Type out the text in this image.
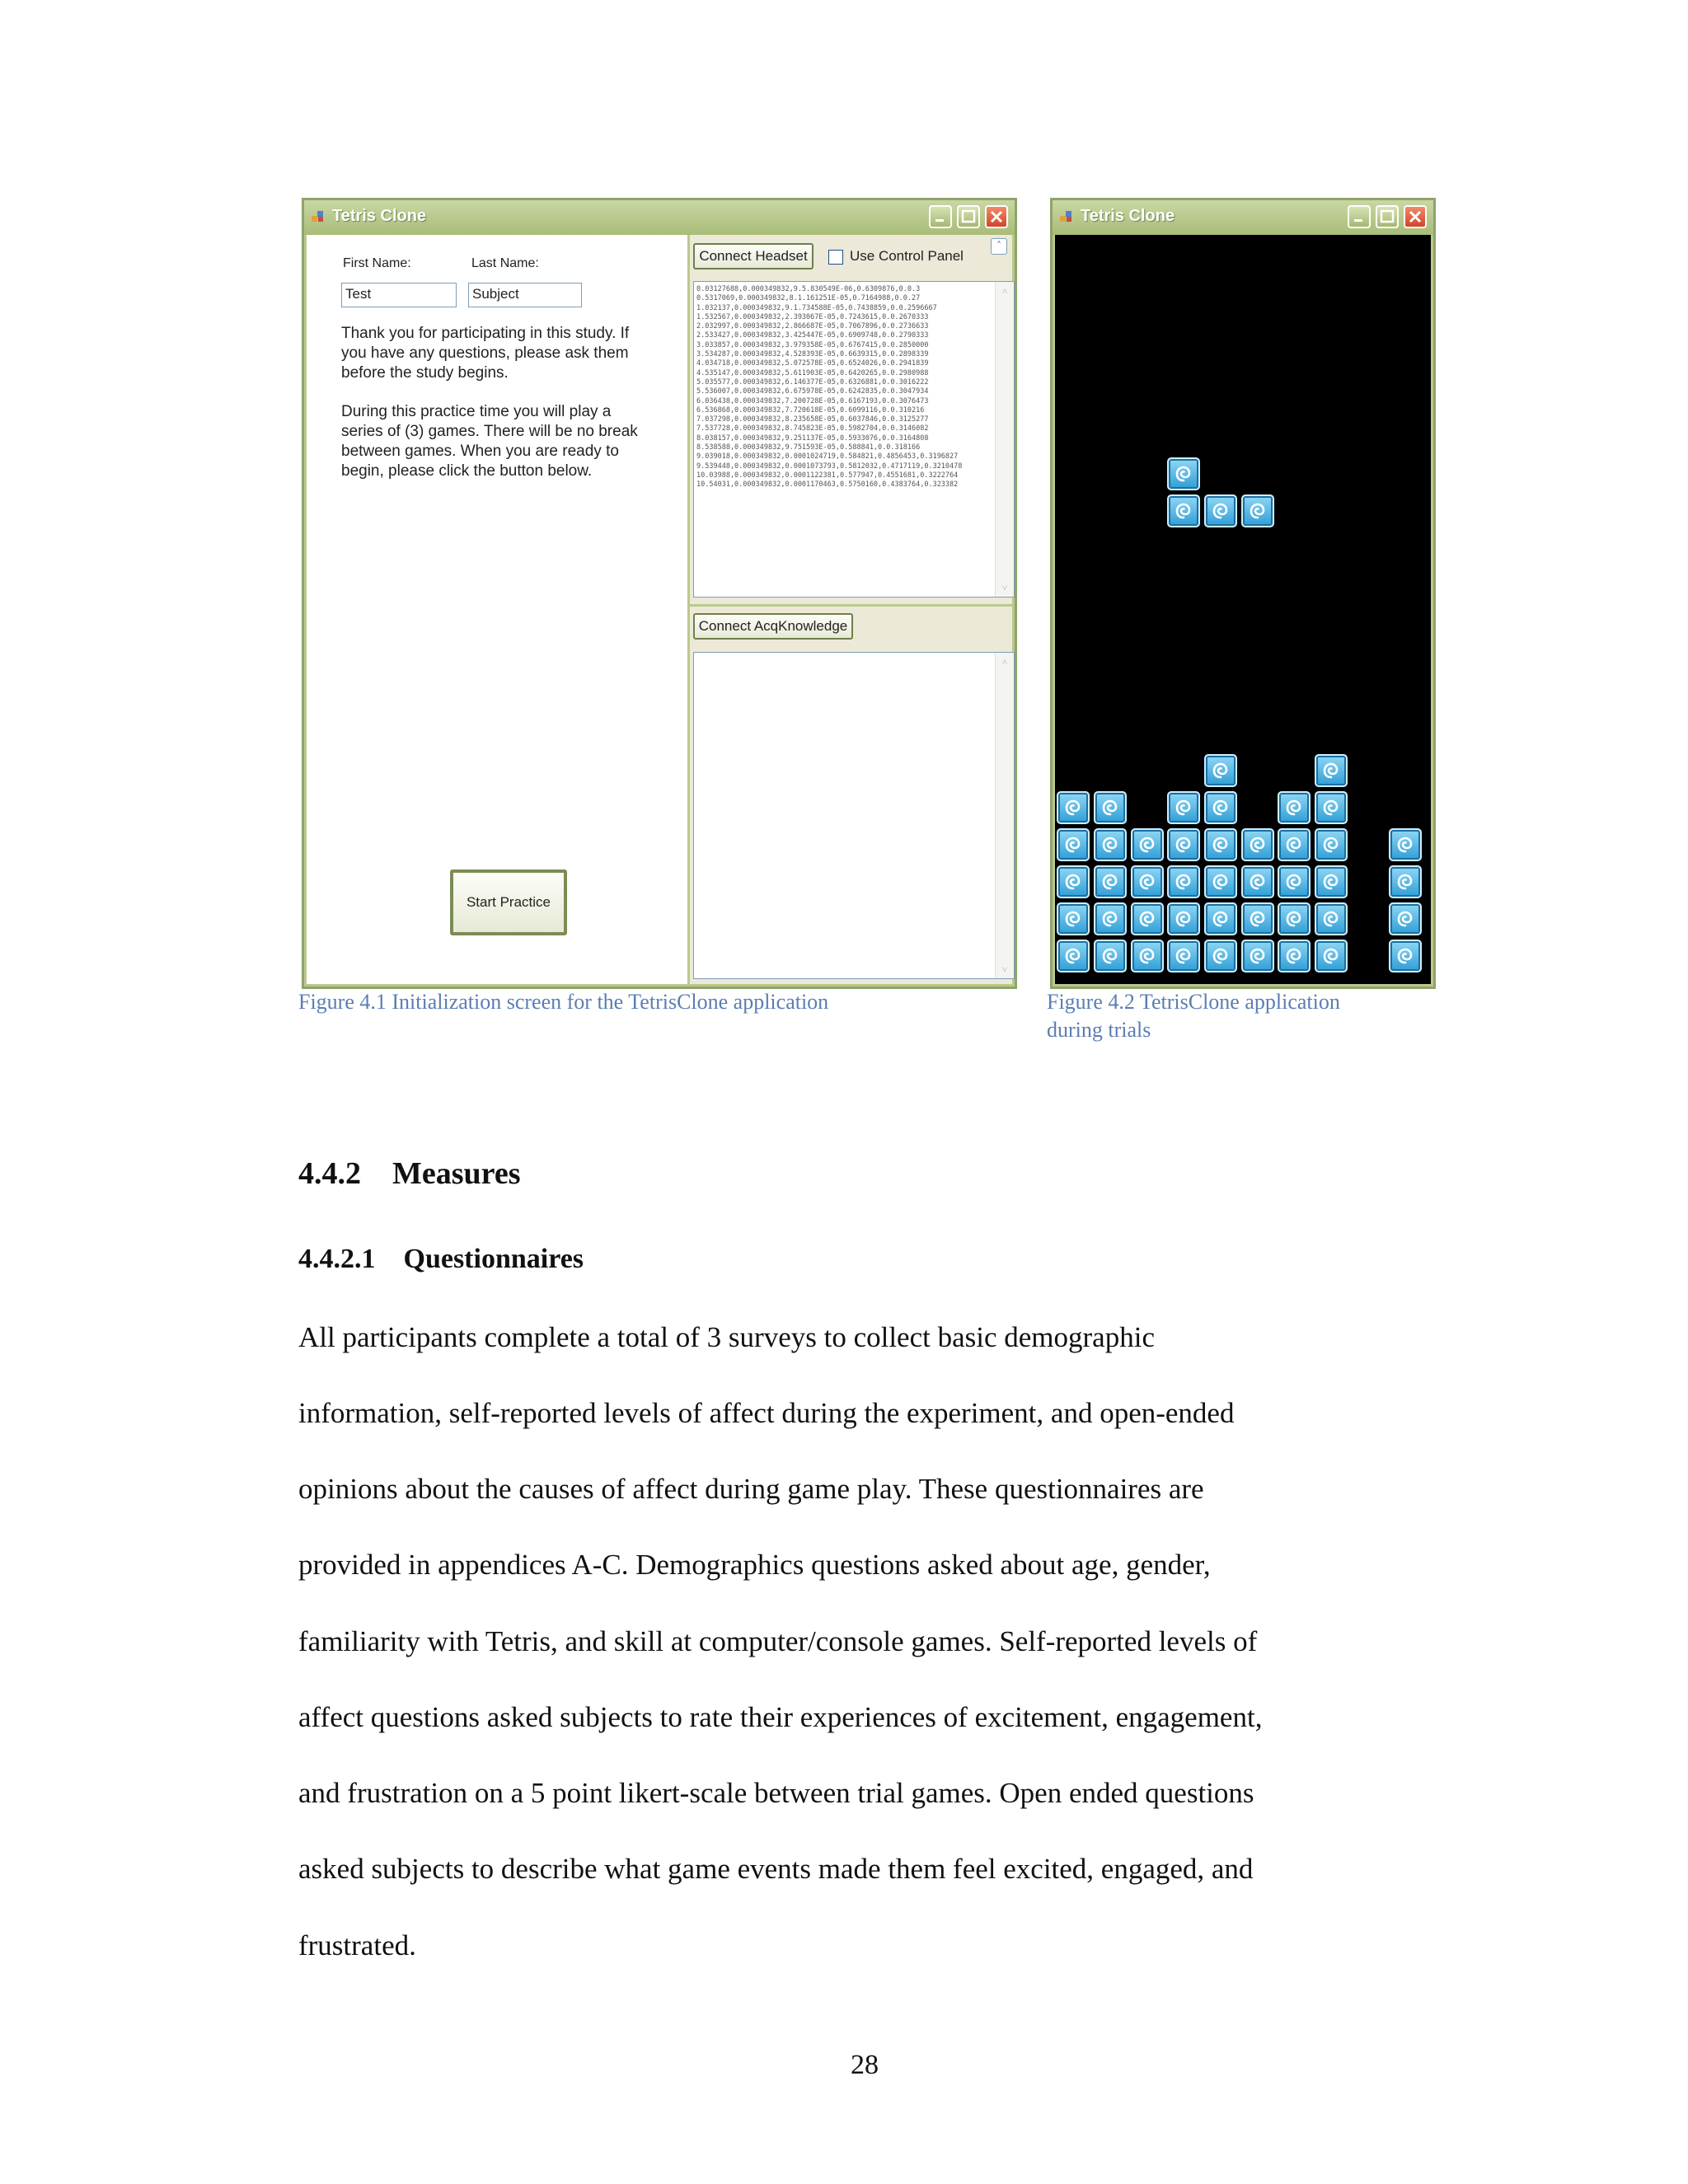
Tetris Clone
First Name:	Last Name:
Test	Subject
Thank you for participating in this study. If
you have any questions, please ask them
before the study begins.
During this practice time you will play a
series of (3) games. There will be no break
between games. When you are ready to
begin, please click the button below.
Start Practice
Connect Headset	Use Control Panel
˄
0.03127688,0.000349832,9.5.830549E-06,0.6309876,0.0.3
0.5317069,0.000349832,8.1.161251E-05,0.7164988,0.0.27
1.032137,0.000349832,9.1.734588E-05,0.7438859,0.0.2596667
1.532567,0.000349832,2.393067E-05,0.7243615,0.0.2670333
2.032997,0.000349832,2.866687E-05,0.7067896,0.0.2736633
2.533427,0.000349832,3.425447E-05,0.6909748,0.0.2790333
3.033857,0.000349832,3.979358E-05,0.6767415,0.0.2850000
3.534287,0.000349832,4.528393E-05,0.6639315,0.0.2898339
4.034718,0.000349832,5.072578E-05,0.6524026,0.0.2941839
4.535147,0.000349832,5.611903E-05,0.6420265,0.0.2980988
5.035577,0.000349832,6.146377E-05,0.6326881,0.0.3016222
5.536007,0.000349832,6.675978E-05,0.6242835,0.0.3047934
6.036438,0.000349832,7.200728E-05,0.6167193,0.0.3076473
6.536868,0.000349832,7.720618E-05,0.6099116,0.0.310216
7.037298,0.000349832,8.235658E-05,0.6037846,0.0.3125277
7.537728,0.000349832,8.745823E-05,0.5982704,0.0.3146082
8.038157,0.000349832,9.251137E-05,0.5933076,0.0.3164808
8.538588,0.000349832,9.751593E-05,0.588841,0.0.318166
9.039018,0.000349832,0.0001024719,0.584821,0.4856453,0.3196827
9.539448,0.000349832,0.0001073793,0.5812032,0.4717119,0.3210478
10.03988,0.000349832,0.0001122381,0.577947,0.4551681,0.3222764
10.54031,0.000349832,0.0001170463,0.5750160,0.4383764,0.323382
˄
˅
Connect AcqKnowledge
˄
˅
Tetris Clone
Figure 4.1 Initialization screen for the TetrisClone application	Figure 4.2 TetrisClone application
during trials
4.4.2    Measures
4.4.2.1    Questionnaires
All participants complete a total of 3 surveys to collect basic demographic
information, self-reported levels of affect during the experiment, and open-ended
opinions about the causes of affect during game play. These questionnaires are
provided in appendices A-C. Demographics questions asked about age, gender,
familiarity with Tetris, and skill at computer/console games. Self-reported levels of
affect questions asked subjects to rate their experiences of excitement, engagement,
and frustration on a 5 point likert-scale between trial games. Open ended questions
asked subjects to describe what game events made them feel excited, engaged, and
frustrated.
28
